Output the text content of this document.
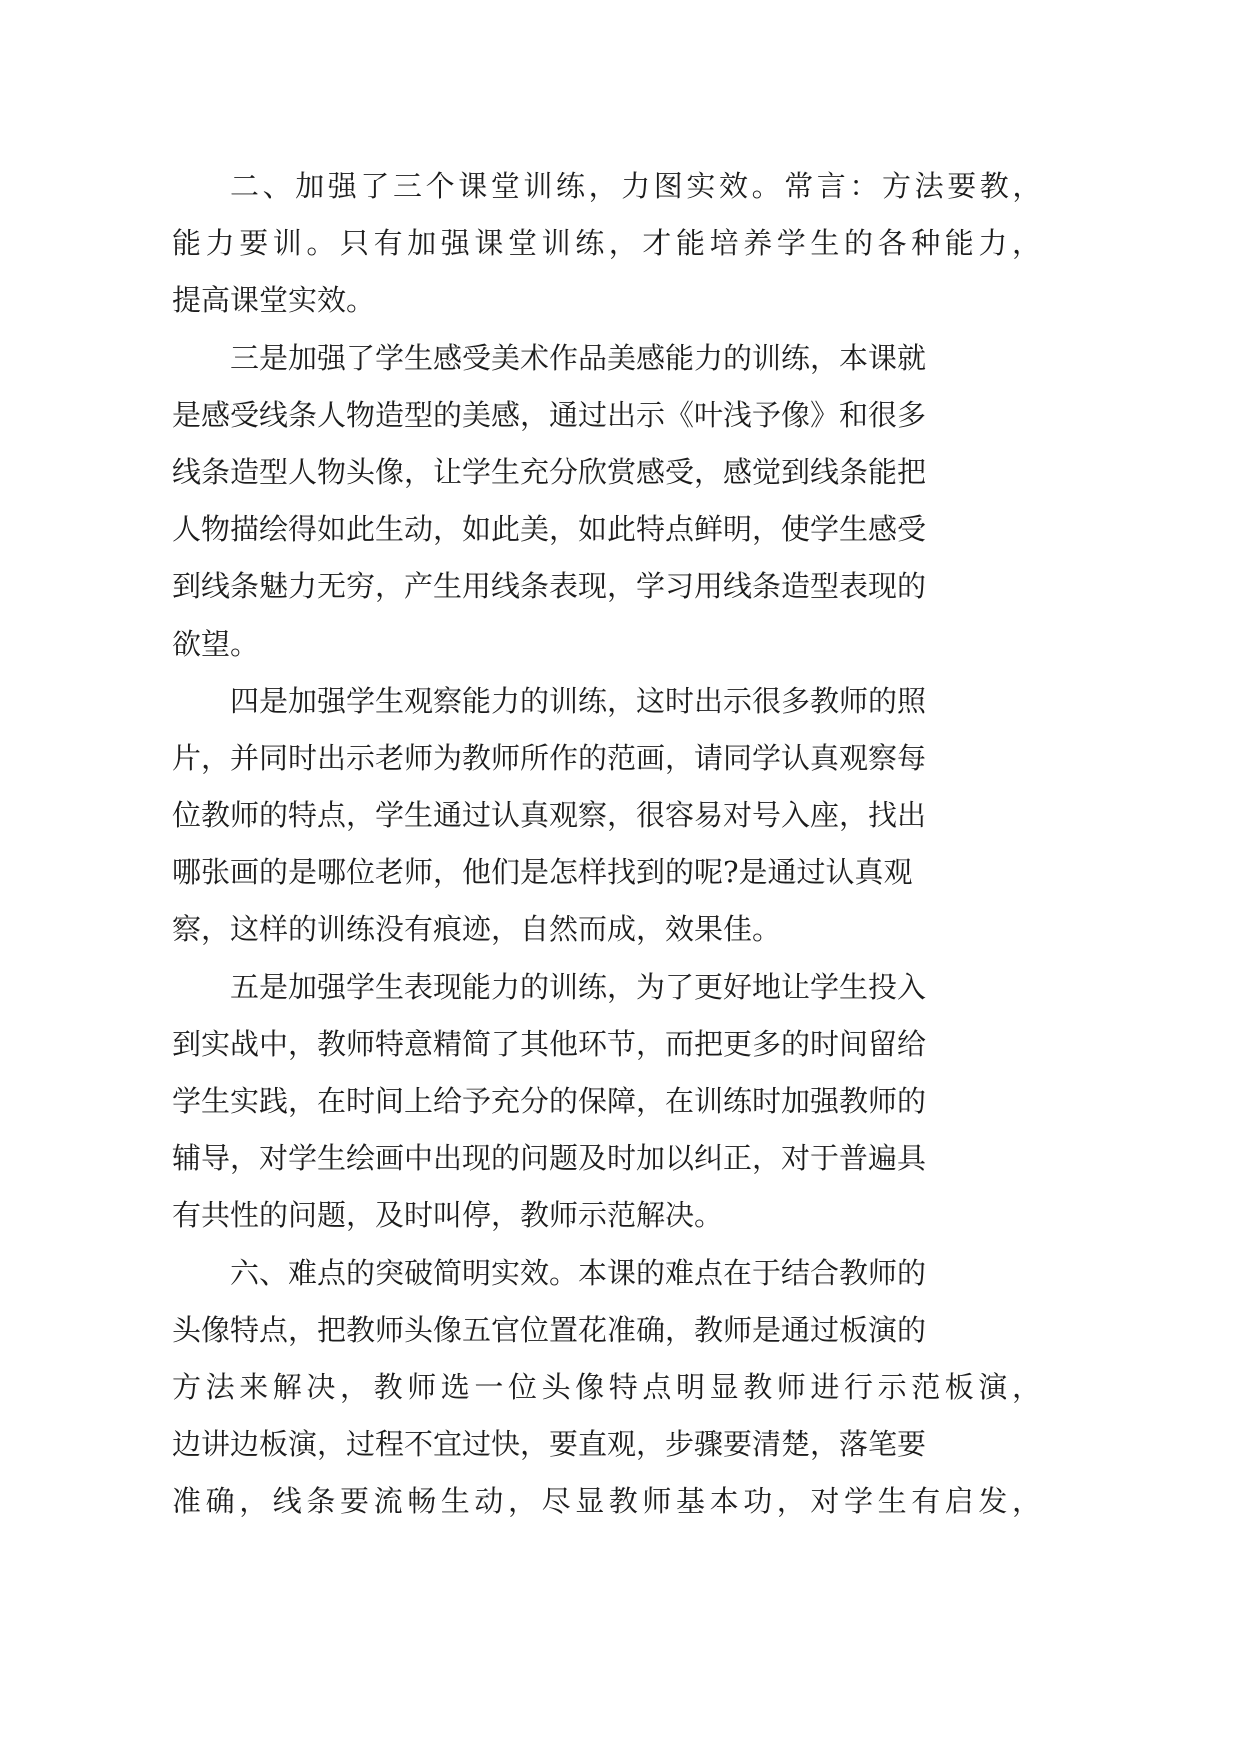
二、加强了三个课堂训练，力图实效。常言：方法要教，
能力要训。只有加强课堂训练，才能培养学生的各种能力，
提高课堂实效。
三是加强了学生感受美术作品美感能力的训练，本课就
是感受线条人物造型的美感，通过出示《叶浅予像》和很多
线条造型人物头像，让学生充分欣赏感受，感觉到线条能把
人物描绘得如此生动，如此美，如此特点鲜明，使学生感受
到线条魅力无穷，产生用线条表现，学习用线条造型表现的
欲望。
四是加强学生观察能力的训练，这时出示很多教师的照
片，并同时出示老师为教师所作的范画，请同学认真观察每
位教师的特点，学生通过认真观察，很容易对号入座，找出
哪张画的是哪位老师，他们是怎样找到的呢?是通过认真观
察，这样的训练没有痕迹，自然而成，效果佳。
五是加强学生表现能力的训练，为了更好地让学生投入
到实战中，教师特意精简了其他环节，而把更多的时间留给
学生实践，在时间上给予充分的保障，在训练时加强教师的
辅导，对学生绘画中出现的问题及时加以纠正，对于普遍具
有共性的问题，及时叫停，教师示范解决。
六、难点的突破简明实效。本课的难点在于结合教师的
头像特点，把教师头像五官位置花准确，教师是通过板演的
方法来解决，教师选一位头像特点明显教师进行示范板演，
边讲边板演，过程不宜过快，要直观，步骤要清楚，落笔要
准确，线条要流畅生动，尽显教师基本功，对学生有启发，
